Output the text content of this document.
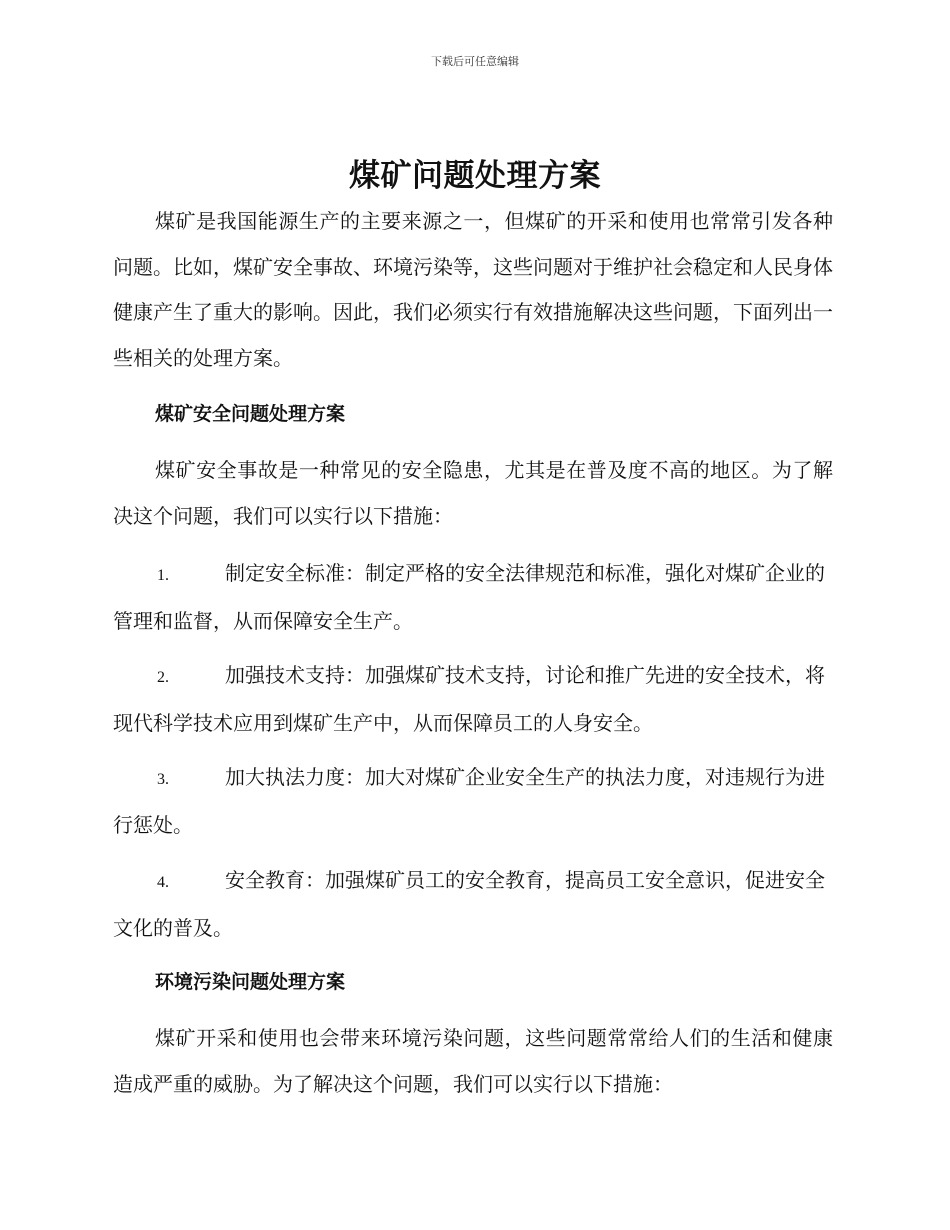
下载后可任意编辑
煤矿问题处理方案

煤矿是我国能源生产的主要来源之一，但煤矿的开采和使用也常常引发各种问题。比如，煤矿安全事故、环境污染等，这些问题对于维护社会稳定和人民身体健康产生了重大的影响。因此，我们必须实行有效措施解决这些问题，下面列出一些相关的处理方案。

煤矿安全问题处理方案

煤矿安全事故是一种常见的安全隐患，尤其是在普及度不高的地区。为了解决这个问题，我们可以实行以下措施：

1.	制定安全标准：制定严格的安全法律规范和标准，强化对煤矿企业的管理和监督，从而保障安全生产。
2.	加强技术支持：加强煤矿技术支持，讨论和推广先进的安全技术，将现代科学技术应用到煤矿生产中，从而保障员工的人身安全。
3.	加大执法力度：加大对煤矿企业安全生产的执法力度，对违规行为进行惩处。
4.	安全教育：加强煤矿员工的安全教育，提高员工安全意识，促进安全文化的普及。
环境污染问题处理方案

煤矿开采和使用也会带来环境污染问题，这些问题常常给人们的生活和健康造成严重的威胁。为了解决这个问题，我们可以实行以下措施：
